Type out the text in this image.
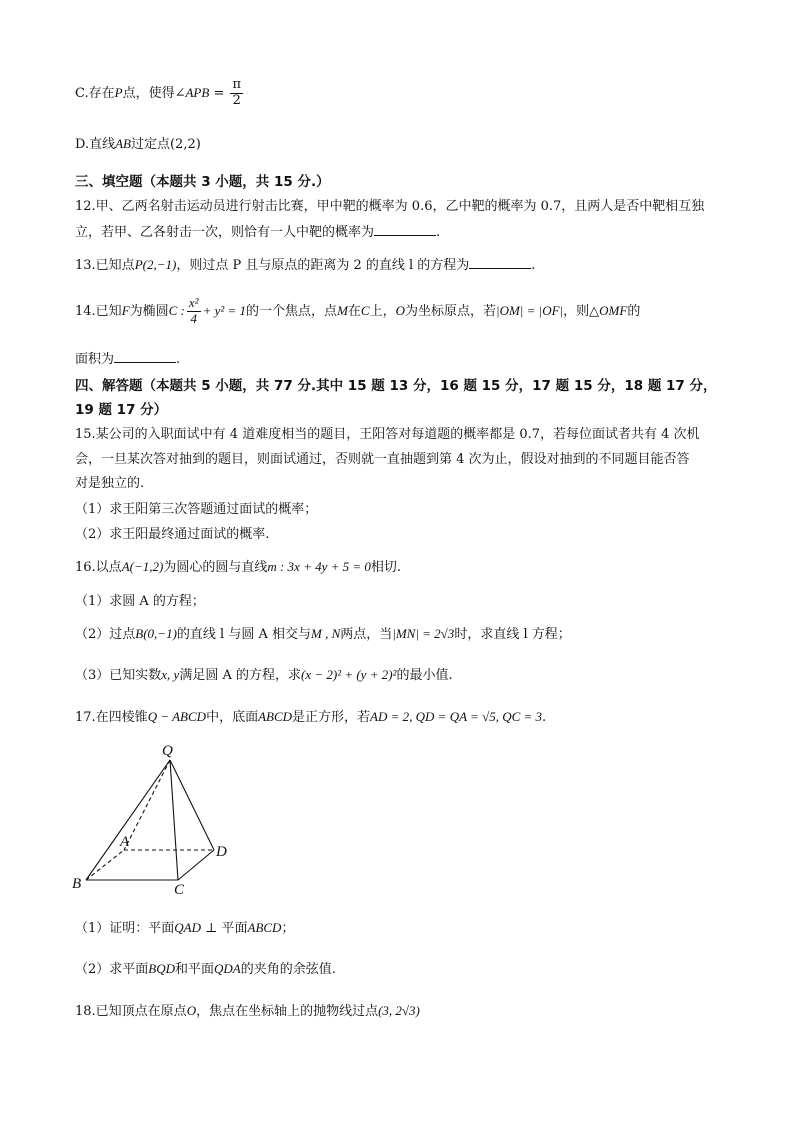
C.存在P点，使得∠APB = $\frac{\pi}{2}$
D.直线AB过定点(2,2)
三、填空题（本题共 3 小题，共 15 分.）
12.甲、乙两名射击运动员进行射击比赛，甲中靶的概率为 0.6，乙中靶的概率为 0.7，且两人是否中靶相互独
立，若甲、乙各射击一次，则恰有一人中靶的概率为	.
13.已知点P(2,−1)，则过点 P 且与原点的距离为 2 的直线 l 的方程为	.
14.已知F为椭圆C : $\frac{\text{x²}}{4} + y^2 = 1$的一个焦点，点M在C上，O为坐标原点，若|OM| = |OF|，则△OMF的
面积为	.
四、解答题（本题共 5 小题，共 77 分.其中 15 题 13 分，16 题 15 分，17 题 15 分，18 题 17 分，
19 题 17 分）
15.某公司的入职面试中有 4 道难度相当的题目，王阳答对每道题的概率都是 0.7，若每位面试者共有 4 次机
会，一旦某次答对抽到的题目，则面试通过，否则就一直抽题到第 4 次为止，假设对抽到的不同题目能否答
对是独立的.
（1）求王阳第三次答题通过面试的概率；
（2）求王阳最终通过面试的概率.
16.以点A(−1,2)为圆心的圆与直线m : 3x + 4y + 5 = 0相切.
（1）求圆 A 的方程；
（2）过点B(0,−1)的直线 l 与圆 A 相交与M , N两点，当|MN| = 2√3时，求直线 l 方程；
（3）已知实数x, y满足圆 A 的方程，求(x − 2)² + (y + 2)²的最小值.
17.在四棱锥Q − ABCD中，底面ABCD是正方形，若AD = 2, QD = QA = √5, QC = 3.
Q
A
B	C
D
（1）证明：平面QAD ⊥ 平面ABCD；
（2）求平面BQD和平面QDA的夹角的余弦值.
18.已知顶点在原点O，焦点在坐标轴上的抛物线过点(3, 2√3)
